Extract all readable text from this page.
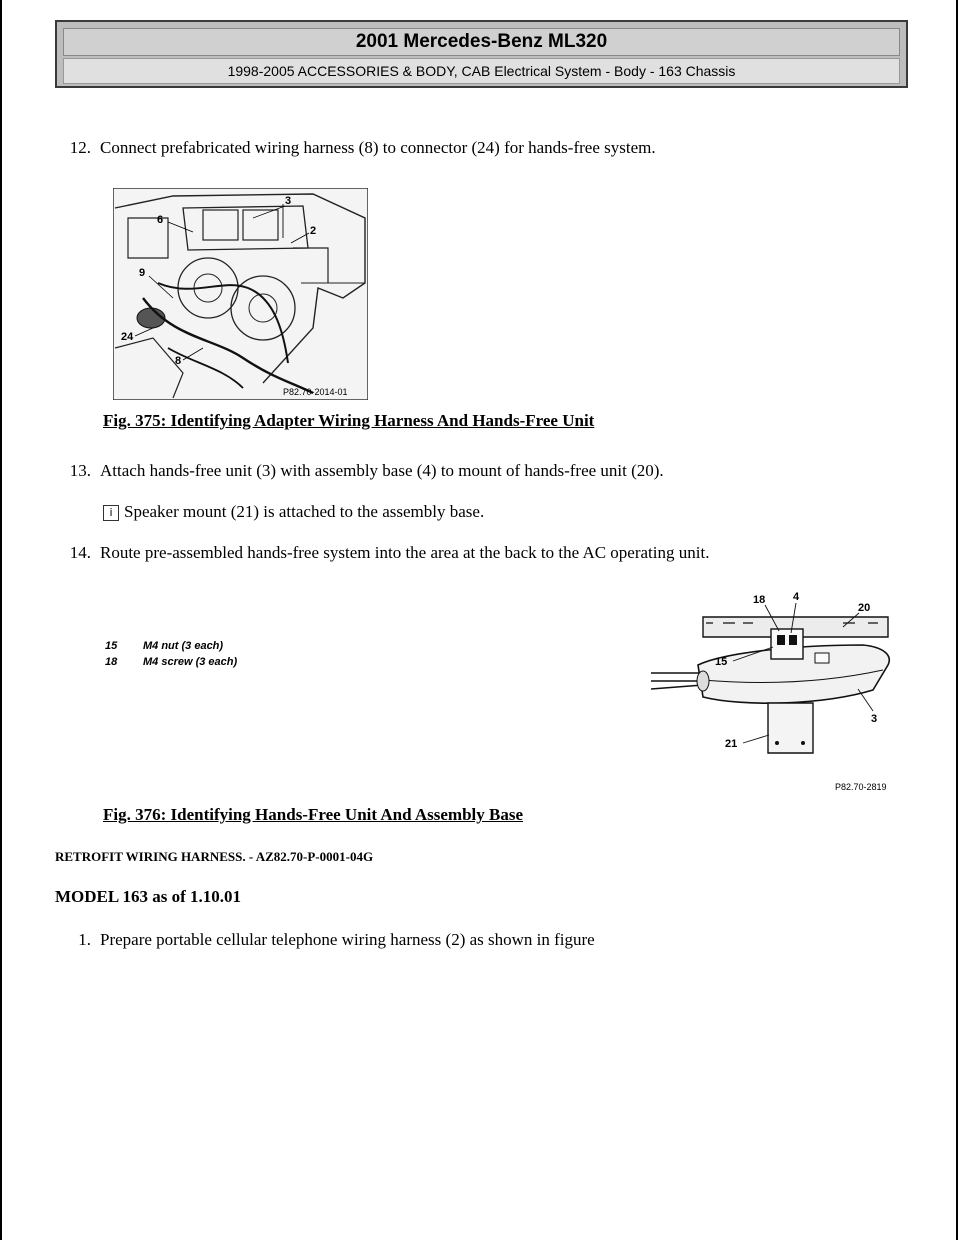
2001 Mercedes-Benz ML320
1998-2005 ACCESSORIES & BODY, CAB Electrical System - Body - 163 Chassis
12. Connect prefabricated wiring harness (8) to connector (24) for hands-free system.
3
6
2
9
24
8
P82.70-2014-01
Fig. 375: Identifying Adapter Wiring Harness And Hands-Free Unit
13. Attach hands-free unit (3) with assembly base (4) to mount of hands-free unit (20).
i Speaker mount (21) is attached to the assembly base.
14. Route pre-assembled hands-free system into the area at the back to the AC operating unit.
15 M4 nut (3 each)
18 M4 screw (3 each)
18	4
20
15
3
21
P82.70-2819
Fig. 376: Identifying Hands-Free Unit And Assembly Base
RETROFIT WIRING HARNESS. - AZ82.70-P-0001-04G
MODEL 163 as of 1.10.01
1. Prepare portable cellular telephone wiring harness (2) as shown in figure
